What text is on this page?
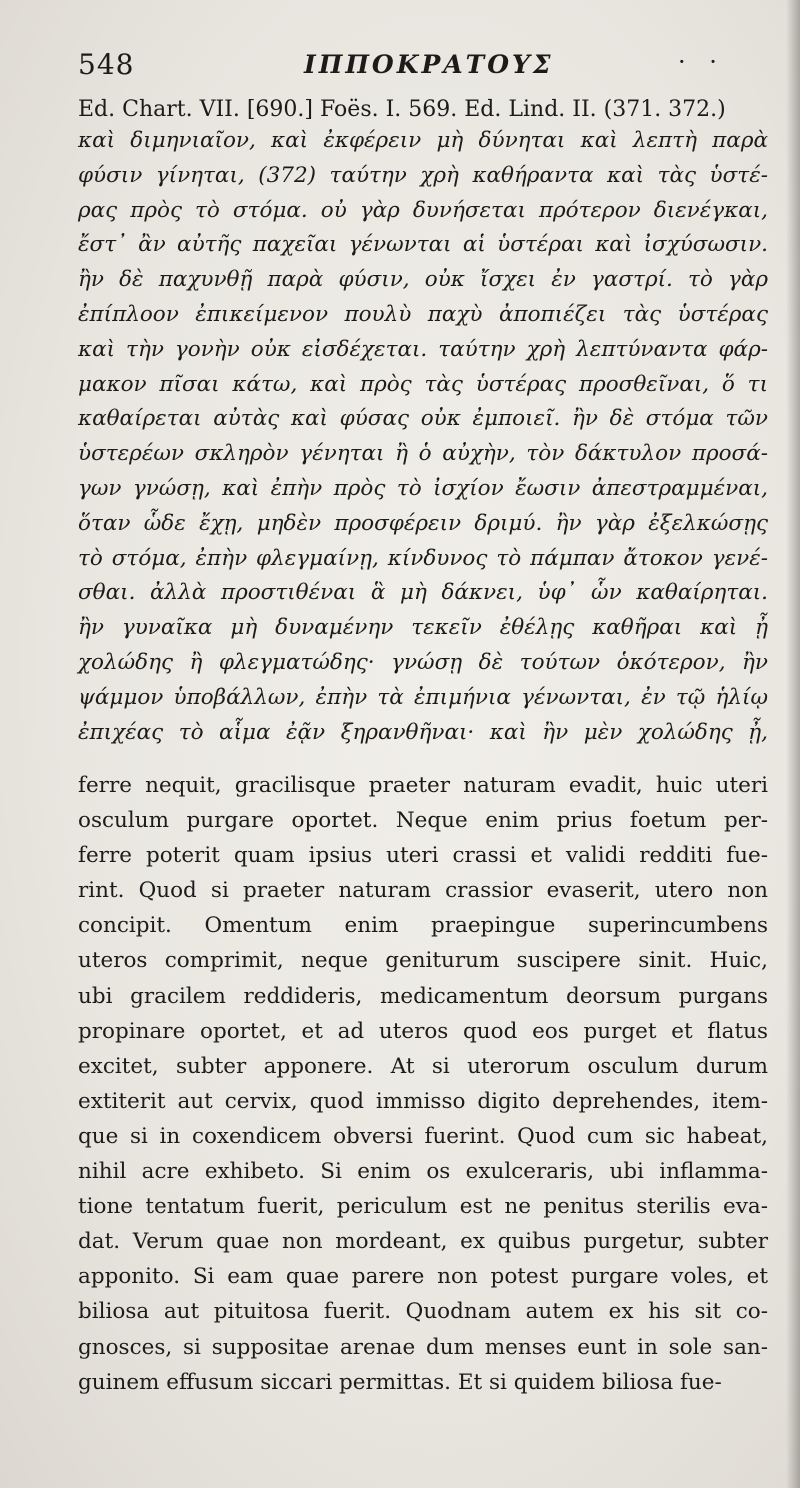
548	ΙΠΠΟΚΡΑΤΟΥΣ	· ·
Ed. Chart. VII. [690.] Foës. I. 569. Ed. Lind. II. (371. 372.)
καὶ διμηνιαῖον, καὶ ἐκφέρειν μὴ δύνηται καὶ λεπτὴ παρὰ
φύσιν γίνηται, (372) ταύτην χρὴ καθήραντα καὶ τὰς ὑστέ-
ρας πρὸς τὸ στόμα. οὐ γὰρ δυνήσεται πρότερον διενέγκαι,
ἔστ᾽ ἂν αὐτῆς παχεῖαι γένωνται αἱ ὑστέραι καὶ ἰσχύσωσιν.
ἢν δὲ παχυνθῇ παρὰ φύσιν, οὐκ ἴσχει ἐν γαστρί. τὸ γὰρ
ἐπίπλοον ἐπικείμενον πουλὺ παχὺ ἀποπιέζει τὰς ὑστέρας
καὶ τὴν γονὴν οὐκ εἰσδέχεται. ταύτην χρὴ λεπτύναντα φάρ-
μακον πῖσαι κάτω, καὶ πρὸς τὰς ὑστέρας προσθεῖναι, ὅ τι
καθαίρεται αὐτὰς καὶ φύσας οὐκ ἐμποιεῖ. ἢν δὲ στόμα τῶν
ὑστερέων σκληρὸν γένηται ἢ ὁ αὐχὴν, τὸν δάκτυλον προσά-
γων γνώσῃ, καὶ ἐπὴν πρὸς τὸ ἰσχίον ἔωσιν ἀπεστραμμέναι,
ὅταν ὧδε ἔχῃ, μηδὲν προσφέρειν δριμύ. ἢν γὰρ ἐξελκώσῃς
τὸ στόμα, ἐπὴν φλεγμαίνῃ, κίνδυνος τὸ πάμπαν ἄτοκον γενέ-
σθαι. ἀλλὰ προστιθέναι ἃ μὴ δάκνει, ὑφ᾽ ὧν καθαίρηται.
ἢν γυναῖκα μὴ δυναμένην τεκεῖν ἐθέλῃς καθῆραι καὶ ᾖ
χολώδης ἢ φλεγματώδης· γνώσῃ δὲ τούτων ὁκότερον, ἢν
ψάμμον ὑποβάλλων, ἐπὴν τὰ ἐπιμήνια γένωνται, ἐν τῷ ἡλίῳ
ἐπιχέας τὸ αἷμα ἐᾷν ξηρανθῆναι· καὶ ἢν μὲν χολώδης ᾖ,
ferre nequit, gracilisque praeter naturam evadit, huic uteri
osculum purgare oportet. Neque enim prius foetum per-
ferre poterit quam ipsius uteri crassi et validi redditi fue-
rint. Quod si praeter naturam crassior evaserit, utero non
concipit. Omentum enim praepingue superincumbens
uteros comprimit, neque geniturum suscipere sinit. Huic,
ubi gracilem reddideris, medicamentum deorsum purgans
propinare oportet, et ad uteros quod eos purget et flatus
excitet, subter apponere. At si uterorum osculum durum
extiterit aut cervix, quod immisso digito deprehendes, item-
que si in coxendicem obversi fuerint. Quod cum sic habeat,
nihil acre exhibeto. Si enim os exulceraris, ubi inflamma-
tione tentatum fuerit, periculum est ne penitus sterilis eva-
dat. Verum quae non mordeant, ex quibus purgetur, subter
apponito. Si eam quae parere non potest purgare voles, et
biliosa aut pituitosa fuerit. Quodnam autem ex his sit co-
gnosces, si suppositae arenae dum menses eunt in sole san-
guinem effusum siccari permittas. Et si quidem biliosa fue-
